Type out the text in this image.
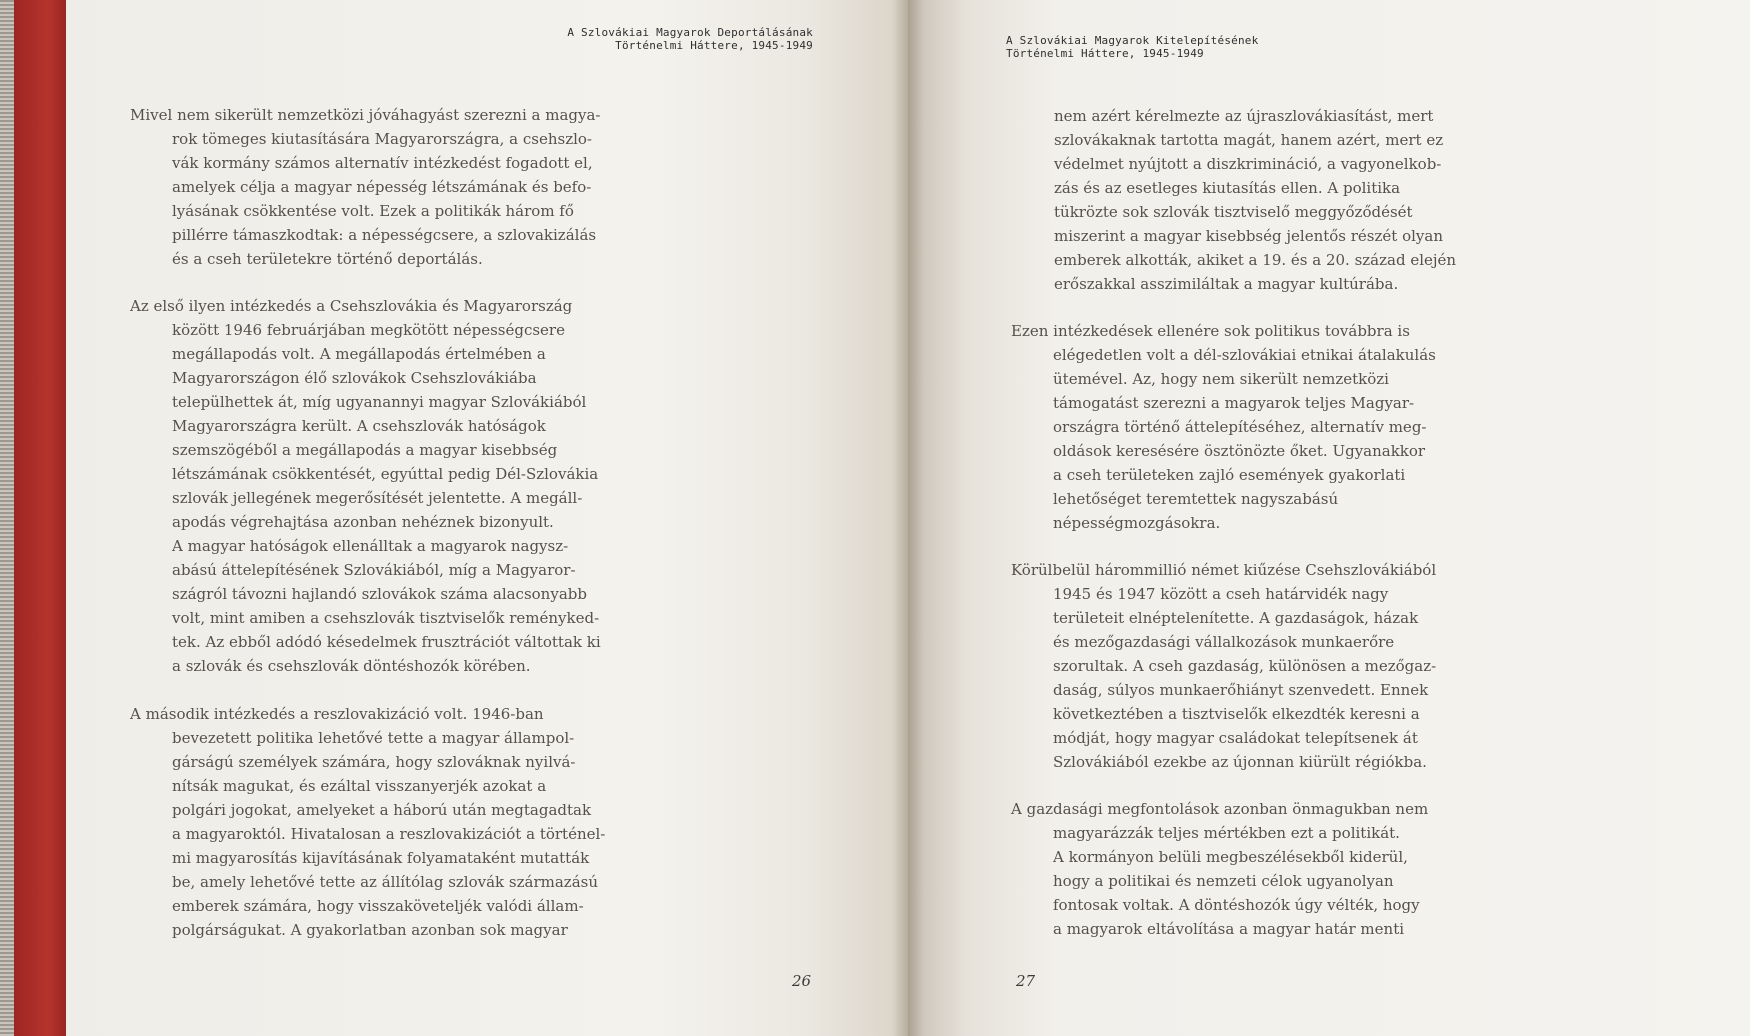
A Szlovákiai Magyarok Deportálásának
Történelmi Háttere, 1945-1949

Mivel nem sikerült nemzetközi jóváhagyást szerezni a magya-
rok tömeges kiutasítására Magyarországra, a csehszlo-
vák kormány számos alternatív intézkedést fogadott el,
amelyek célja a magyar népesség létszámának és befo-
lyásának csökkentése volt. Ezek a politikák három fő
pillérre támaszkodtak: a népességcsere, a szlovakizálás
és a cseh területekre történő deportálás.

Az első ilyen intézkedés a Csehszlovákia és Magyarország
között 1946 februárjában megkötött népességcsere
megállapodás volt. A megállapodás értelmében a
Magyarországon élő szlovákok Csehszlovákiába
települhettek át, míg ugyanannyi magyar Szlovákiából
Magyarországra került. A csehszlovák hatóságok
szemszögéből a megállapodás a magyar kisebbség
létszámának csökkentését, egyúttal pedig Dél-Szlovákia
szlovák jellegének megerősítését jelentette. A megáll-
apodás végrehajtása azonban nehéznek bizonyult.
A magyar hatóságok ellenálltak a magyarok nagysz-
abású áttelepítésének Szlovákiából, míg a Magyaror-
szágról távozni hajlandó szlovákok száma alacsonyabb
volt, mint amiben a csehszlovák tisztviselők reményked-
tek. Az ebből adódó késedelmek frusztrációt váltottak ki
a szlovák és csehszlovák döntéshozók körében.

A második intézkedés a reszlovakizáció volt. 1946-ban
bevezetett politika lehetővé tette a magyar állampol-
gárságú személyek számára, hogy szlováknak nyilvá-
nítsák magukat, és ezáltal visszanyerjék azokat a
polgári jogokat, amelyeket a háború után megtagadtak
a magyaroktól. Hivatalosan a reszlovakizációt a történel-
mi magyarosítás kijavításának folyamataként mutatták
be, amely lehetővé tette az állítólag szlovák származású
emberek számára, hogy visszakövetelјék valódi állam-
polgárságukat. A gyakorlatban azonban sok magyar

26

A Szlovákiai Magyarok Kitelepítésének
Történelmi Háttere, 1945-1949

nem azért kérelmezte az újraszlovákiasítást, mert
szlovákaknak tartotta magát, hanem azért, mert ez
védelmet nyújtott a diszkrimináció, a vagyonelkob-
zás és az esetleges kiutasítás ellen. A politika
tükrözte sok szlovák tisztviselő meggyőződését
miszerint a magyar kisebbség jelentős részét olyan
emberek alkották, akiket a 19. és a 20. század elején
erőszakkal asszimiláltak a magyar kultúrába.

Ezen intézkedések ellenére sok politikus továbbra is
elégedetlen volt a dél-szlovákiai etnikai átalakulás
ütemével. Az, hogy nem sikerült nemzetközi
támogatást szerezni a magyarok teljes Magyar-
országra történő áttelepítéséhez, alternatív meg-
oldások keresésére ösztönözte őket. Ugyanakkor
a cseh területeken zajló események gyakorlati
lehetőséget teremtettek nagyszabású
népességmozgásokra.

Körülbelül hárommillió német kiűzése Csehszlovákiából
1945 és 1947 között a cseh határvidék nagy
területeit elnéptelenítette. A gazdaságok, házak
és mezőgazdasági vállalkozások munkaerőre
szorultak. A cseh gazdaság, különösen a mezőgaz-
daság, súlyos munkaerőhiányt szenvedett. Ennek
következtében a tisztviselők elkezdték keresni a
módját, hogy magyar családokat telepítsenek át
Szlovákiából ezekbe az újonnan kiürült régiókba.

A gazdasági megfontolások azonban önmagukban nem
magyarázzák teljes mértékben ezt a politikát.
A kormányon belüli megbeszélésekből kiderül,
hogy a politikai és nemzeti célok ugyanolyan
fontosak voltak. A döntéshozók úgy vélték, hogy
a magyarok eltávolítása a magyar határ menti

27
